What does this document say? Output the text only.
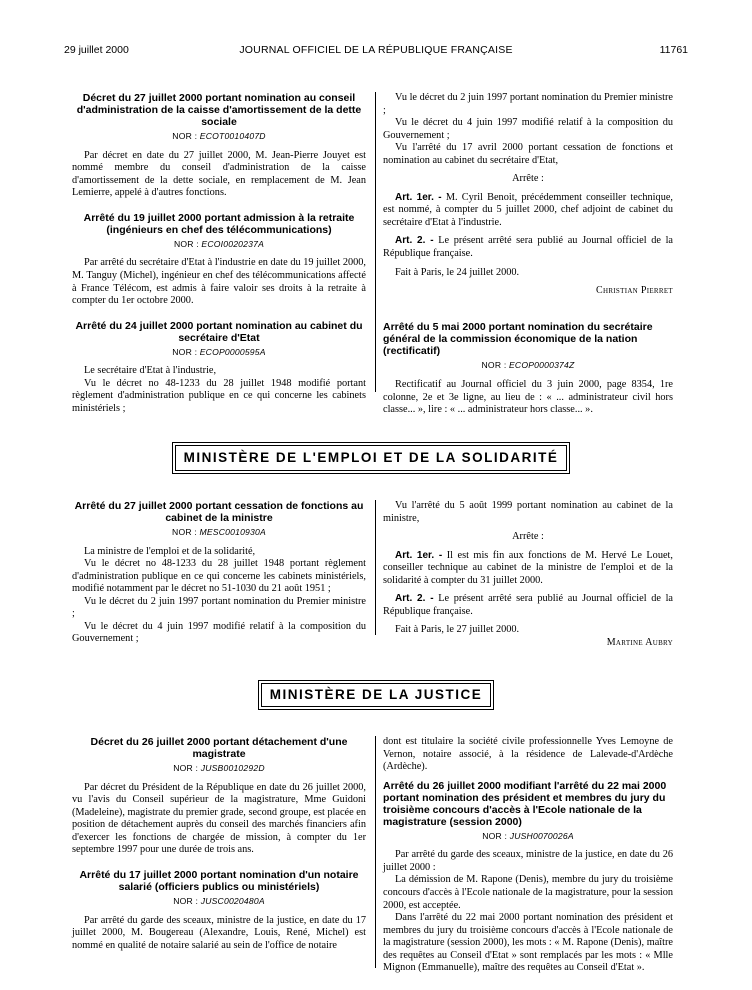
JOURNAL OFFICIEL DE LA RÉPUBLIQUE FRANÇAISE
29 juillet 2000	11761
Décret du 27 juillet 2000 portant nomination au conseil d'administration de la caisse d'amortissement de la dette sociale
NOR : ECOT0010407D

Par décret en date du 27 juillet 2000, M. Jean-Pierre Jouyet est nommé membre du conseil d'administration de la caisse d'amortissement de la dette sociale, en remplacement de M. Jean Lemierre, appelé à d'autres fonctions.

Arrêté du 19 juillet 2000 portant admission à la retraite (ingénieurs en chef des télécommunications)
NOR : ECOI0020237A

Par arrêté du secrétaire d'Etat à l'industrie en date du 19 juillet 2000, M. Tanguy (Michel), ingénieur en chef des télécommunications affecté à France Télécom, est admis à faire valoir ses droits à la retraite à compter du 1er octobre 2000.

Arrêté du 24 juillet 2000 portant nomination au cabinet du secrétaire d'Etat
NOR : ECOP0000595A

Le secrétaire d'Etat à l'industrie,

Vu le décret no 48-1233 du 28 juillet 1948 modifié portant règlement d'administration publique en ce qui concerne les cabinets ministériels ;

Vu le décret du 2 juin 1997 portant nomination du Premier ministre ;

Vu le décret du 4 juin 1997 modifié relatif à la composition du Gouvernement ;

Vu l'arrêté du 17 avril 2000 portant cessation de fonctions et nomination au cabinet du secrétaire d'Etat,

Arrête :

Art. 1er. - M. Cyril Benoit, précédemment conseiller technique, est nommé, à compter du 5 juillet 2000, chef adjoint de cabinet du secrétaire d'Etat à l'industrie.

Art. 2. - Le présent arrêté sera publié au Journal officiel de la République française.

Fait à Paris, le 24 juillet 2000.

Christian Pierret
Arrêté du 5 mai 2000 portant nomination du secrétaire général de la commission économique de la nation (rectificatif)
NOR : ECOP0000374Z

Rectificatif au Journal officiel du 3 juin 2000, page 8354, 1re colonne, 2e et 3e ligne, au lieu de : « ... administrateur civil hors classe... », lire : « ... administrateur hors classe... ».

MINISTÈRE DE L'EMPLOI ET DE LA SOLIDARITÉ
Arrêté du 27 juillet 2000 portant cessation de fonctions au cabinet de la ministre
NOR : MESC0010930A

La ministre de l'emploi et de la solidarité,

Vu le décret no 48-1233 du 28 juillet 1948 portant règlement d'administration publique en ce qui concerne les cabinets ministériels, modifié notamment par le décret no 51-1030 du 21 août 1951 ;

Vu le décret du 2 juin 1997 portant nomination du Premier ministre ;

Vu le décret du 4 juin 1997 modifié relatif à la composition du Gouvernement ;

Vu l'arrêté du 5 août 1999 portant nomination au cabinet de la ministre,

Arrête :

Art. 1er. - Il est mis fin aux fonctions de M. Hervé Le Louet, conseiller technique au cabinet de la ministre de l'emploi et de la solidarité à compter du 31 juillet 2000.

Art. 2. - Le présent arrêté sera publié au Journal officiel de la République française.

Fait à Paris, le 27 juillet 2000.

Martine Aubry
MINISTÈRE DE LA JUSTICE
Décret du 26 juillet 2000 portant détachement d'une magistrate
NOR : JUSB0010292D

Par décret du Président de la République en date du 26 juillet 2000, vu l'avis du Conseil supérieur de la magistrature, Mme Guidoni (Madeleine), magistrate du premier grade, second groupe, est placée en position de détachement auprès du conseil des marchés financiers afin d'exercer les fonctions de chargée de mission, à compter du 1er septembre 1997 pour une durée de trois ans.

Arrêté du 17 juillet 2000 portant nomination d'un notaire salarié (officiers publics ou ministériels)
NOR : JUSC0020480A

Par arrêté du garde des sceaux, ministre de la justice, en date du 17 juillet 2000, M. Bougereau (Alexandre, Louis, René, Michel) est nommé en qualité de notaire salarié au sein de l'office de notaire

dont est titulaire la société civile professionnelle Yves Lemoyne de Vernon, notaire associé, à la résidence de Lalevade-d'Ardèche (Ardèche).

Arrêté du 26 juillet 2000 modifiant l'arrêté du 22 mai 2000 portant nomination des président et membres du jury du troisième concours d'accès à l'Ecole nationale de la magistrature (session 2000)
NOR : JUSH0070026A

Par arrêté du garde des sceaux, ministre de la justice, en date du 26 juillet 2000 :

La démission de M. Rapone (Denis), membre du jury du troisième concours d'accès à l'Ecole nationale de la magistrature, pour la session 2000, est acceptée.

Dans l'arrêté du 22 mai 2000 portant nomination des président et membres du jury du troisième concours d'accès à l'Ecole nationale de la magistrature (session 2000), les mots : « M. Rapone (Denis), maître des requêtes au Conseil d'Etat » sont remplacés par les mots : « Mlle Mignon (Emmanuelle), maître des requêtes au Conseil d'Etat ».
